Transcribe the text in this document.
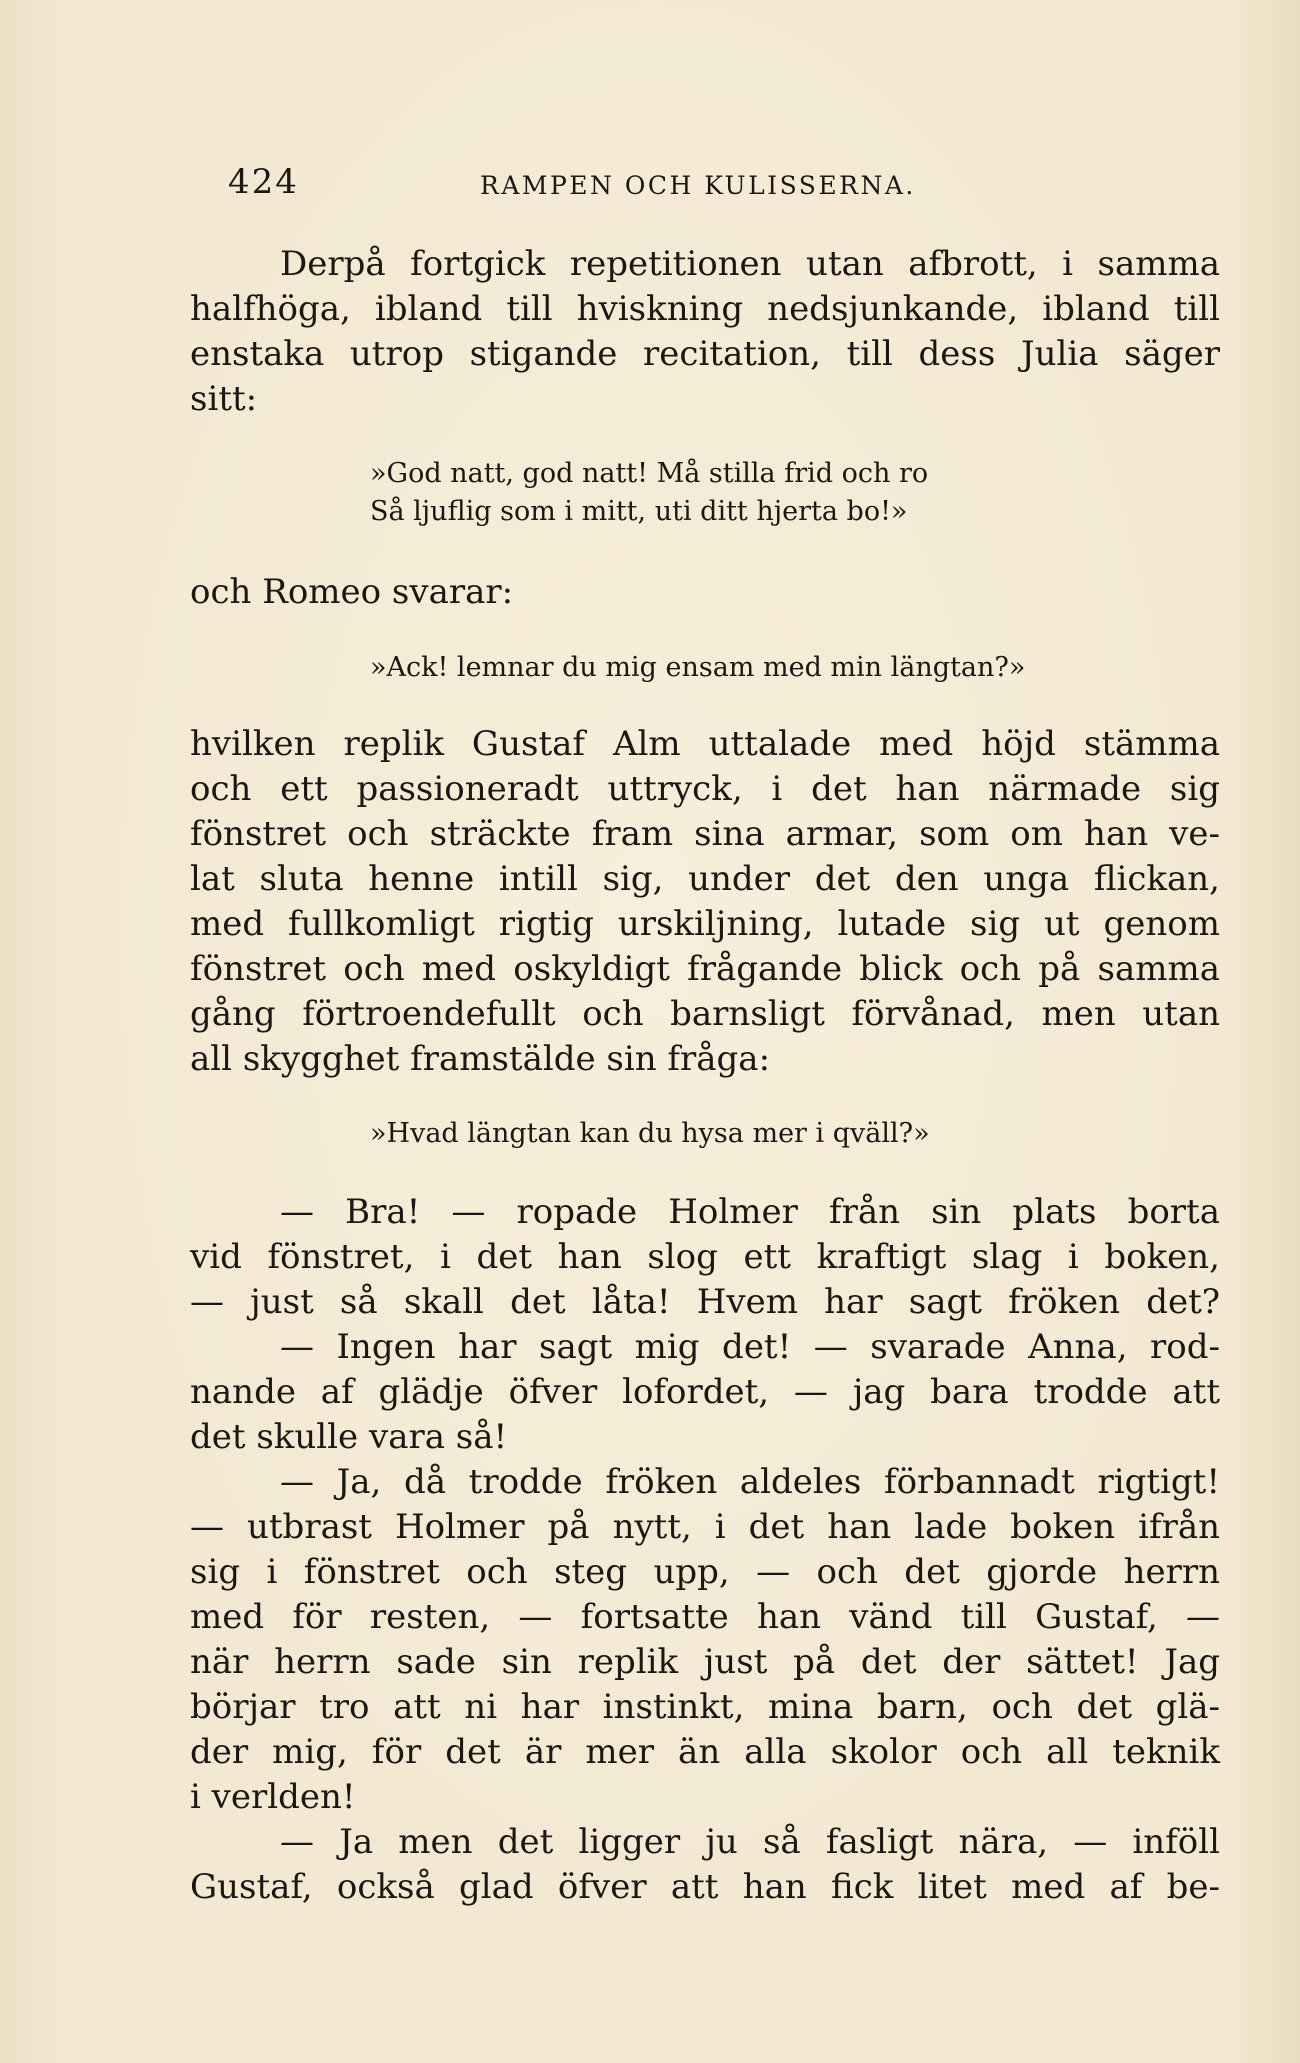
424	RAMPEN OCH KULISSERNA.
Derpå fortgick repetitionen utan afbrott, i samma
halfhöga, ibland till hviskning nedsjunkande, ibland till
enstaka utrop stigande recitation, till dess Julia säger
sitt:
»God natt, god natt! Må stilla frid och ro
Så ljuflig som i mitt, uti ditt hjerta bo!»
och Romeo svarar:
»Ack! lemnar du mig ensam med min längtan?»
hvilken replik Gustaf Alm uttalade med höjd stämma
och ett passioneradt uttryck, i det han närmade sig
fönstret och sträckte fram sina armar, som om han ve-
lat sluta henne intill sig, under det den unga flickan,
med fullkomligt rigtig urskiljning, lutade sig ut genom
fönstret och med oskyldigt frågande blick och på samma
gång förtroendefullt och barnsligt förvånad, men utan
all skygghet framstälde sin fråga:
»Hvad längtan kan du hysa mer i qväll?»
— Bra! — ropade Holmer från sin plats borta
vid fönstret, i det han slog ett kraftigt slag i boken,
— just så skall det låta! Hvem har sagt fröken det?
— Ingen har sagt mig det! — svarade Anna, rod-
nande af glädje öfver lofordet, — jag bara trodde att
det skulle vara så!
— Ja, då trodde fröken aldeles förbannadt rigtigt!
— utbrast Holmer på nytt, i det han lade boken ifrån
sig i fönstret och steg upp, — och det gjorde herrn
med för resten, — fortsatte han vänd till Gustaf, —
när herrn sade sin replik just på det der sättet! Jag
börjar tro att ni har instinkt, mina barn, och det glä-
der mig, för det är mer än alla skolor och all teknik
i verlden!
— Ja men det ligger ju så fasligt nära, — inföll
Gustaf, också glad öfver att han fick litet med af be-
